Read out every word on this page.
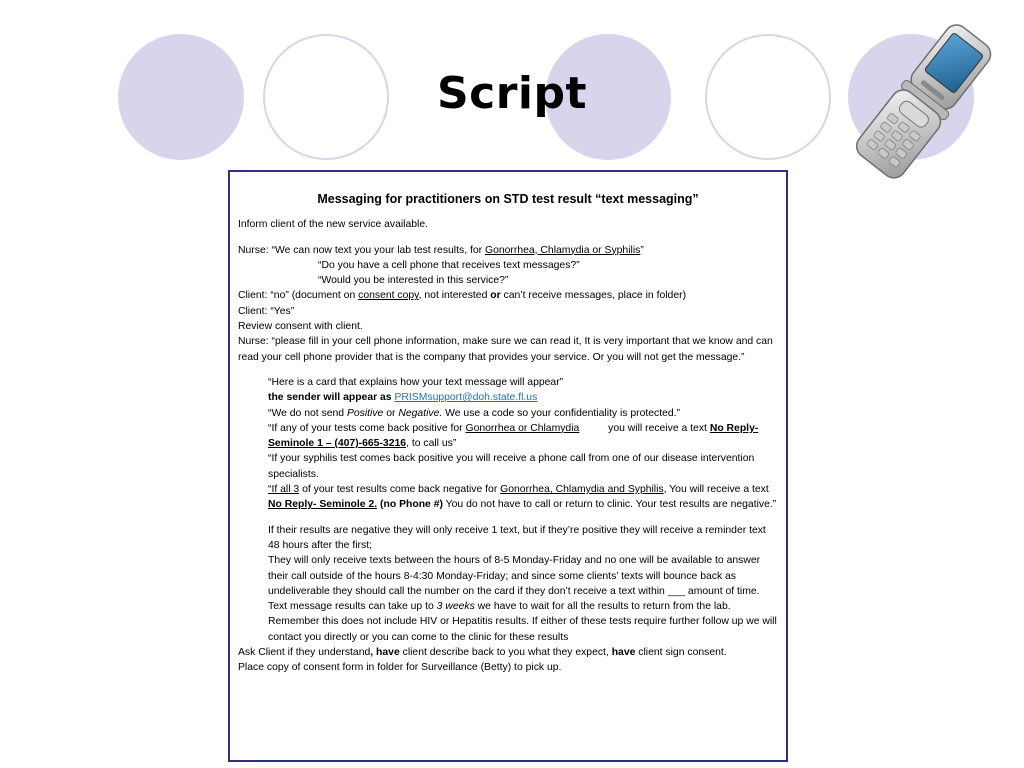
Script
Messaging for practitioners on STD test result “text messaging”

Inform client of the new service available.

Nurse: “We can now text you your lab test results, for Gonorrhea, Chlamydia or Syphilis”

“Do you have a cell phone that receives text messages?”

“Would you be interested in this service?”

Client: “no” (document on consent copy, not interested or can’t receive messages, place in folder)

Client: “Yes”

Review consent with client.

Nurse: “please fill in your cell phone information, make sure we can read it, It is very important that we know and can read your cell phone provider that is the company that provides your service. Or you will not get the message.”

“Here is a card that explains how your text message will appear”

the sender will appear as PRISMsupport@doh.state.fl.us

“We do not send Positive or Negative. We use a code so your confidentiality is protected.”

“If any of your tests come back positive for Gonorrhea or Chlamydia          you will receive a text No Reply-Seminole 1 – (407)-665-3216, to call us”

“If your syphilis test comes back positive you will receive a phone call from one of our disease intervention specialists.

“If all 3 of your test results come back negative for Gonorrhea, Chlamydia and Syphilis, You will receive a text No Reply- Seminole 2. (no Phone #) You do not have to call or return to clinic. Your test results are negative.”

If their results are negative they will only receive 1 text, but if they’re positive they will receive a reminder text 48 hours after the first;

They will only receive texts between the hours of 8-5 Monday-Friday and no one will be available to answer their call outside of the hours 8-4:30 Monday-Friday; and since some clients’ texts will bounce back as undeliverable they should call the number on the card if they don’t receive a text within ___ amount of time.

Text message results can take up to 3 weeks we have to wait for all the results to return from the lab.

Remember this does not include HIV or Hepatitis results. If either of these tests require further follow up we will contact you directly or you can come to the clinic for these results

Ask Client if they understand, have client describe back to you what they expect, have client sign consent.

Place copy of consent form in folder for Surveillance (Betty) to pick up.
